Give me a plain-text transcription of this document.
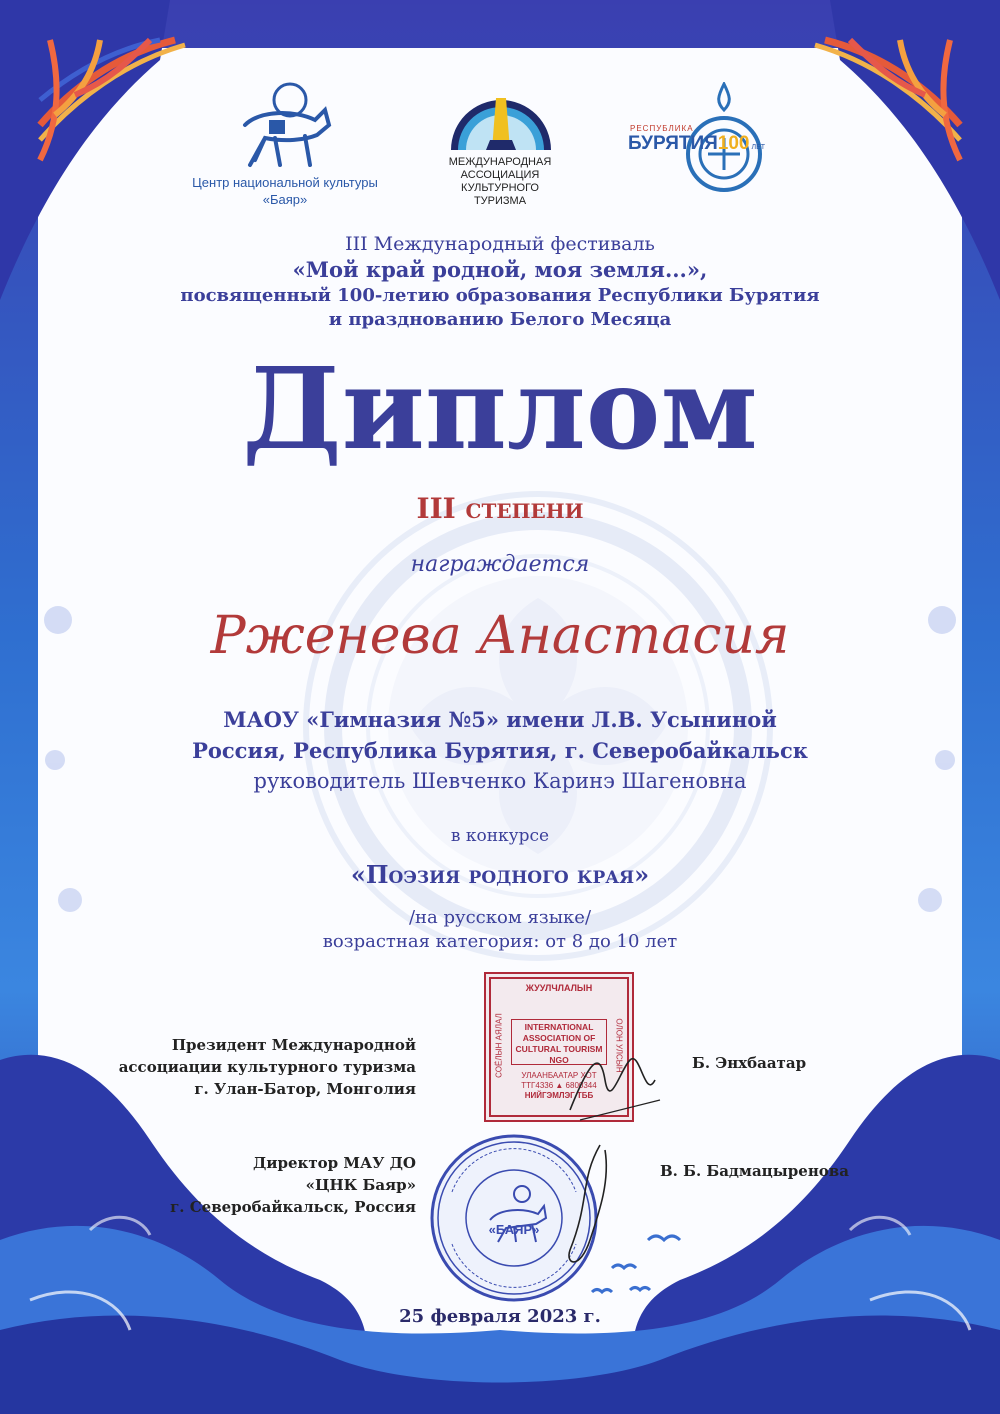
Центр национальной культуры
«Баяр»
МЕЖДУНАРОДНАЯ
АССОЦИАЦИЯ
КУЛЬТУРНОГО
ТУРИЗМА
РЕСПУБЛИКА
БУРЯТИЯ100 ЛЕТ
III Международный фестиваль
«Мой край родной, моя земля...»,
посвященный 100-летию образования Республики Бурятия
и празднованию Белого Месяца
Диплом
III степени
награждается
Рженева Анастасия
МАОУ «Гимназия №5» имени Л.В. Усыниной
Россия, Республика Бурятия, г. Северобайкальск
руководитель Шевченко Каринэ Шагеновна
в конкурсе
«Поэзия родного края»
/на русском языке/
возрастная категория: от 8 до 10 лет
Президент Международной
ассоциации культурного туризма
г. Улан-Батор, Монголия
Б. Энхбаатар
Директор МАУ ДО
«ЦНК Баяр»
г. Северобайкальск, Россия
В. Б. Бадмацыренова
ЖУУЛЧЛАЛЫН
INTERNATIONAL
ASSOCIATION OF
CULTURAL TOURISM
NGO
УЛААНБААТАР ХОТ
ТТГ4336 ▲ 6800344
НИЙГЭМЛЭГ ТББ
СОЁЛЫН АЯЛАЛ	ОЛОН УЛСЫН
«БАЯР»
25 февраля 2023 г.
